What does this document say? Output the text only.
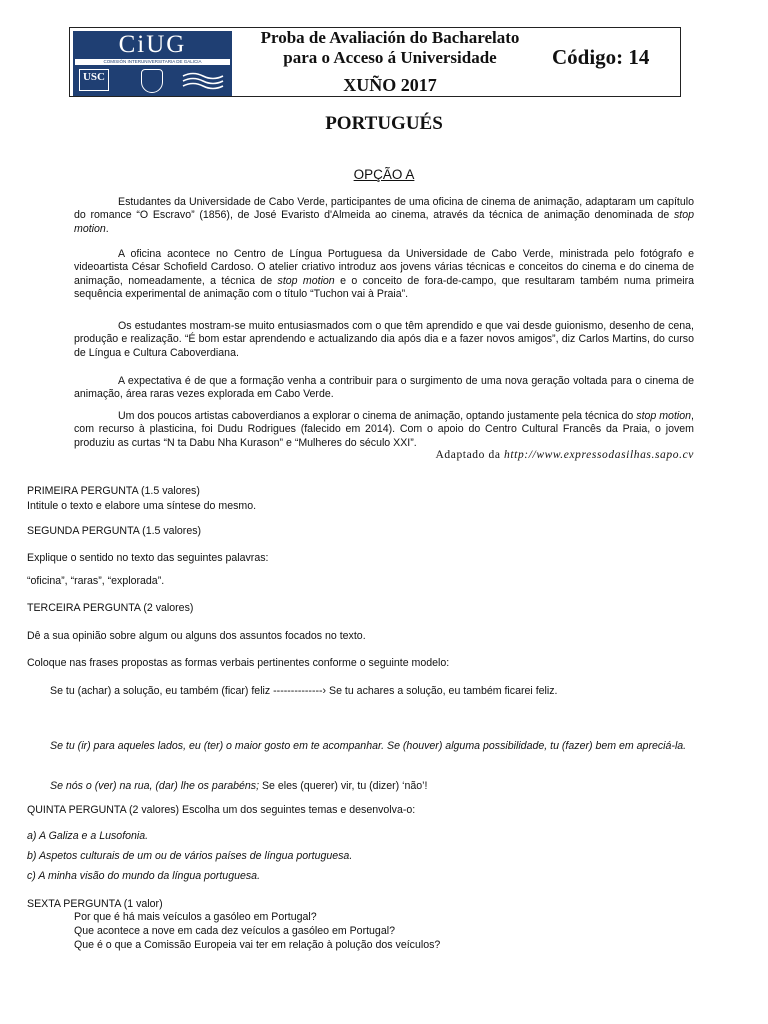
CiUG
COMISIÓN INTERUNIVERSITARIA DE GALICIA
USC
Proba de Avaliación do Bacharelato
para o Acceso á Universidade	Código: 14
XUÑO 2017
PORTUGUÉS
OPÇÃO A
Estudantes da Universidade de Cabo Verde, participantes de uma oficina de cinema de animação, adaptaram um capítulo do romance “O Escravo” (1856), de José Evaristo d'Almeida ao cinema, através da técnica de animação denominada de stop motion.
A oficina acontece no Centro de Língua Portuguesa da Universidade de Cabo Verde, ministrada pelo fotógrafo e videoartista César Schofield Cardoso. O atelier criativo introduz aos jovens várias técnicas e conceitos do cinema e do cinema de animação, nomeadamente, a técnica de stop motion e o conceito de fora-de-campo, que resultaram também numa primeira sequência experimental de animação com o título “Tuchon vai à Praia”.
Os estudantes mostram-se muito entusiasmados com o que têm aprendido e que vai desde guionismo, desenho de cena, produção e realização. “É bom estar aprendendo e actualizando dia após dia e a fazer novos amigos”, diz Carlos Martins, do curso de Língua e Cultura Caboverdiana.
A expectativa é de que a formação venha a contribuir para o surgimento de uma nova geração voltada para o cinema de animação, área raras vezes explorada em Cabo Verde.
Um dos poucos artistas caboverdianos a explorar o cinema de animação, optando justamente pela técnica do stop motion, com recurso à plasticina, foi Dudu Rodrigues (falecido em 2014). Com o apoio do Centro Cultural Francês da Praia, o jovem produziu as curtas “N ta Dabu Nha Kurason” e “Mulheres do século XXI”.
Adaptado da http://www.expressodasilhas.sapo.cv
PRIMEIRA PERGUNTA (1.5 valores)
Intitule o texto e elabore uma síntese do mesmo.
SEGUNDA PERGUNTA (1.5 valores)
Explique o sentido no texto das seguintes palavras:
“oficina”, “raras”, “explorada”.
TERCEIRA PERGUNTA (2 valores)
Dê a sua opinião sobre algum ou alguns dos assuntos focados no texto.
Coloque nas frases propostas as formas verbais pertinentes conforme o seguinte modelo:
Se tu (achar) a solução, eu também (ficar) feliz --------------› Se tu achares a solução, eu também ficarei feliz.
Se tu (ir) para aqueles lados, eu (ter) o maior gosto em te acompanhar. Se (houver) alguma possibilidade, tu (fazer) bem em apreciá-la.
Se nós o (ver) na rua, (dar) lhe os parabéns; Se eles (querer) vir, tu (dizer) ‘não’!
QUINTA PERGUNTA (2 valores) Escolha um dos seguintes temas e desenvolva-o:
a) A Galiza e a Lusofonia.
b) Aspetos culturais de um ou de vários países de língua portuguesa.
c) A minha visão do mundo da língua portuguesa.
SEXTA PERGUNTA (1 valor)
Por que é há mais veículos a gasóleo em Portugal?
Que acontece a nove em cada dez veículos a gasóleo em Portugal?
Que é o que a Comissão Europeia vai ter em relação à polução dos veículos?
